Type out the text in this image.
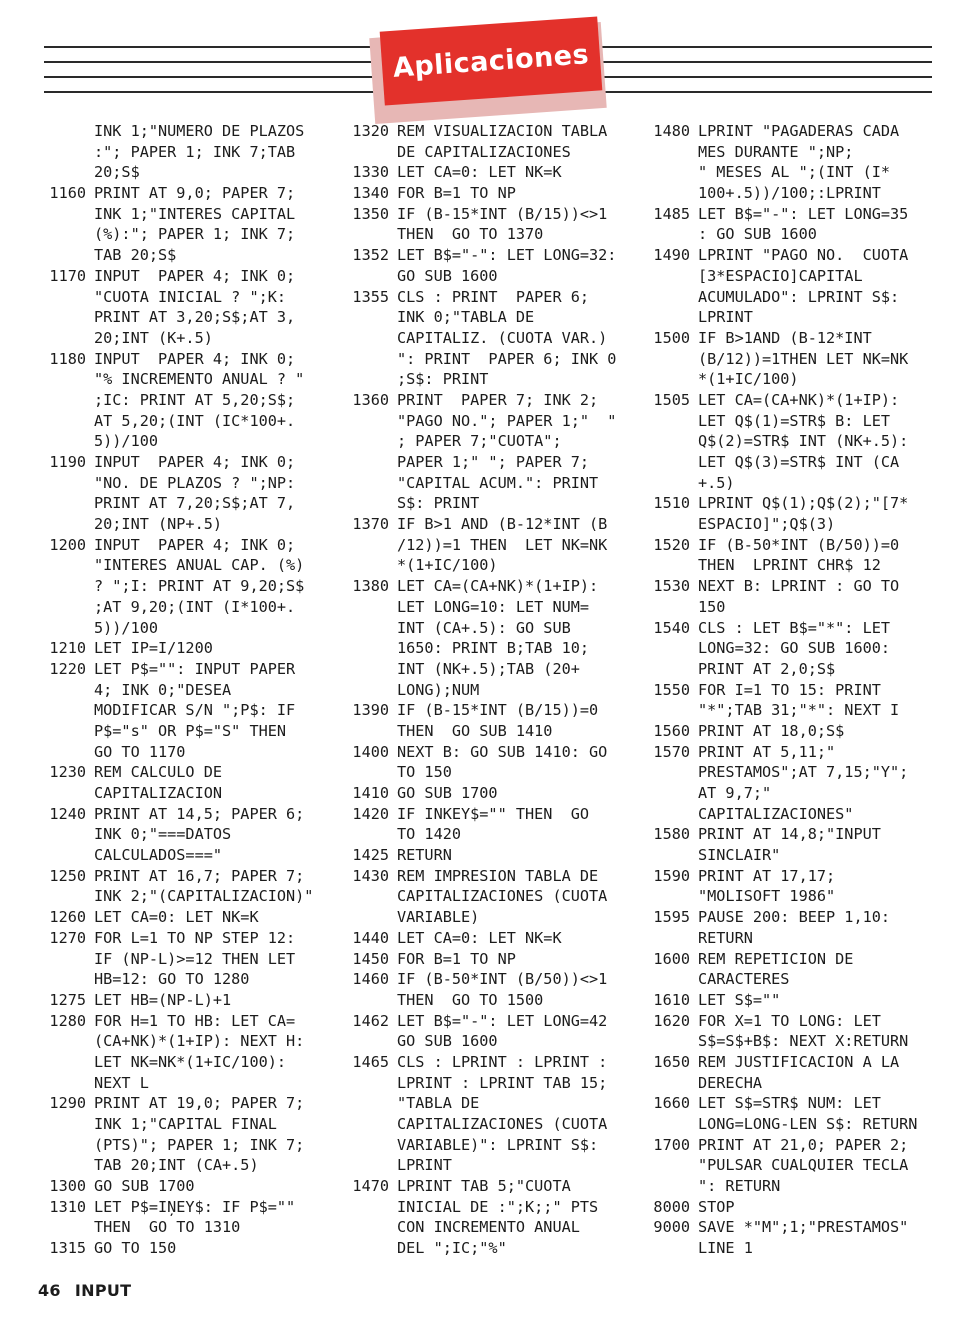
Aplicaciones
INK 1;"NUMERO DE PLAZOS
:"; PAPER 1; INK 7;TAB
20;S$
1160 PRINT AT 9,0; PAPER 7;
INK 1;"INTERES CAPITAL
(%):"; PAPER 1; INK 7;
TAB 20;S$
1170 INPUT  PAPER 4; INK 0;
"CUOTA INICIAL ? ";K:
PRINT AT 3,20;S$;AT 3,
20;INT (K+.5)
1180 INPUT  PAPER 4; INK 0;
"% INCREMENTO ANUAL ? "
;IC: PRINT AT 5,20;S$;
AT 5,20;(INT (IC*100+.
5))/100
1190 INPUT  PAPER 4; INK 0;
"NO. DE PLAZOS ? ";NP:
PRINT AT 7,20;S$;AT 7,
20;INT (NP+.5)
1200 INPUT  PAPER 4; INK 0;
"INTERES ANUAL CAP. (%)
? ";I: PRINT AT 9,20;S$
;AT 9,20;(INT (I*100+.
5))/100
1210 LET IP=I/1200
1220 LET P$="": INPUT PAPER
4; INK 0;"DESEA
MODIFICAR S/N ";P$: IF
P$="s" OR P$="S" THEN
GO TO 1170
1230 REM CALCULO DE
CAPITALIZACION
1240 PRINT AT 14,5; PAPER 6;
INK 0;"===DATOS
CALCULADOS==="
1250 PRINT AT 16,7; PAPER 7;
INK 2;"(CAPITALIZACION)"
1260 LET CA=0: LET NK=K
1270 FOR L=1 TO NP STEP 12:
IF (NP-L)>=12 THEN LET
HB=12: GO TO 1280
1275 LET HB=(NP-L)+1
1280 FOR H=1 TO HB: LET CA=
(CA+NK)*(1+IP): NEXT H:
LET NK=NK*(1+IC/100):
NEXT L
1290 PRINT AT 19,0; PAPER 7;
INK 1;"CAPITAL FINAL
(PTS)"; PAPER 1; INK 7;
TAB 20;INT (CA+.5)
1300 GO SUB 1700
1310 LET P$=IŅEY$: IF P$=""
THEN  GO TO 1310
1315 GO TO 150
1320 REM VISUALIZACION TABLA
DE CAPITALIZACIONES
1330 LET CA=0: LET NK=K
1340 FOR B=1 TO NP
1350 IF (B-15*INT (B/15))<>1
THEN  GO TO 1370
1352 LET B$="-": LET LONG=32:
GO SUB 1600
1355 CLS : PRINT  PAPER 6;
INK 0;"TABLA DE
CAPITALIZ. (CUOTA VAR.)
": PRINT  PAPER 6; INK 0
;S$: PRINT
1360 PRINT  PAPER 7; INK 2;
"PAGO NO."; PAPER 1;"  "
; PAPER 7;"CUOTA";
PAPER 1;" "; PAPER 7;
"CAPITAL ACUM.": PRINT
S$: PRINT
1370 IF B>1 AND (B-12*INT (B
/12))=1 THEN  LET NK=NK
*(1+IC/100)
1380 LET CA=(CA+NK)*(1+IP):
LET LONG=10: LET NUM=
INT (CA+.5): GO SUB
1650: PRINT B;TAB 10;
INT (NK+.5);TAB (20+
LONG);NUM
1390 IF (B-15*INT (B/15))=0
THEN  GO SUB 1410
1400 NEXT B: GO SUB 1410: GO
TO 150
1410 GO SUB 1700
1420 IF INKEY$="" THEN  GO
TO 1420
1425 RETURN
1430 REM IMPRESION TABLA DE
CAPITALIZACIONES (CUOTA
VARIABLE)
1440 LET CA=0: LET NK=K
1450 FOR B=1 TO NP
1460 IF (B-50*INT (B/50))<>1
THEN  GO TO 1500
1462 LET B$="-": LET LONG=42
GO SUB 1600
1465 CLS : LPRINT : LPRINT :
LPRINT : LPRINT TAB 15;
"TABLA DE
CAPITALIZACIONES (CUOTA
VARIABLE)": LPRINT S$:
LPRINT
1470 LPRINT TAB 5;"CUOTA
INICIAL DE :";K;;" PTS
CON INCREMENTO ANUAL
DEL ";IC;"%"
1480 LPRINT "PAGADERAS CADA
MES DURANTE ";NP;
" MESES AL ";(INT (I*
100+.5))/100;:LPRINT
1485 LET B$="-": LET LONG=35
: GO SUB 1600
1490 LPRINT "PAGO NO.  CUOTA
[3*ESPACIO]CAPITAL
ACUMULADO": LPRINT S$:
LPRINT
1500 IF B>1AND (B-12*INT
(B/12))=1THEN LET NK=NK
*(1+IC/100)
1505 LET CA=(CA+NK)*(1+IP):
LET Q$(1)=STR$ B: LET
Q$(2)=STR$ INT (NK+.5):
LET Q$(3)=STR$ INT (CA
+.5)
1510 LPRINT Q$(1);Q$(2);"[7*
ESPACIO]";Q$(3)
1520 IF (B-50*INT (B/50))=0
THEN  LPRINT CHR$ 12
1530 NEXT B: LPRINT : GO TO
150
1540 CLS : LET B$="*": LET
LONG=32: GO SUB 1600:
PRINT AT 2,0;S$
1550 FOR I=1 TO 15: PRINT
"*";TAB 31;"*": NEXT I
1560 PRINT AT 18,0;S$
1570 PRINT AT 5,11;"
PRESTAMOS";AT 7,15;"Y";
AT 9,7;"
CAPITALIZACIONES"
1580 PRINT AT 14,8;"INPUT
SINCLAIR"
1590 PRINT AT 17,17;
"MOLISOFT 1986"
1595 PAUSE 200: BEEP 1,10:
RETURN
1600 REM REPETICION DE
CARACTERES
1610 LET S$=""
1620 FOR X=1 TO LONG: LET
S$=S$+B$: NEXT X:RETURN
1650 REM JUSTIFICACION A LA
DERECHA
1660 LET S$=STR$ NUM: LET
LONG=LONG-LEN S$: RETURN
1700 PRINT AT 21,0; PAPER 2;
"PULSAR CUALQUIER TECLA
": RETURN
8000 STOP
9000 SAVE *"M";1;"PRESTAMOS"
LINE 1
46 INPUT
